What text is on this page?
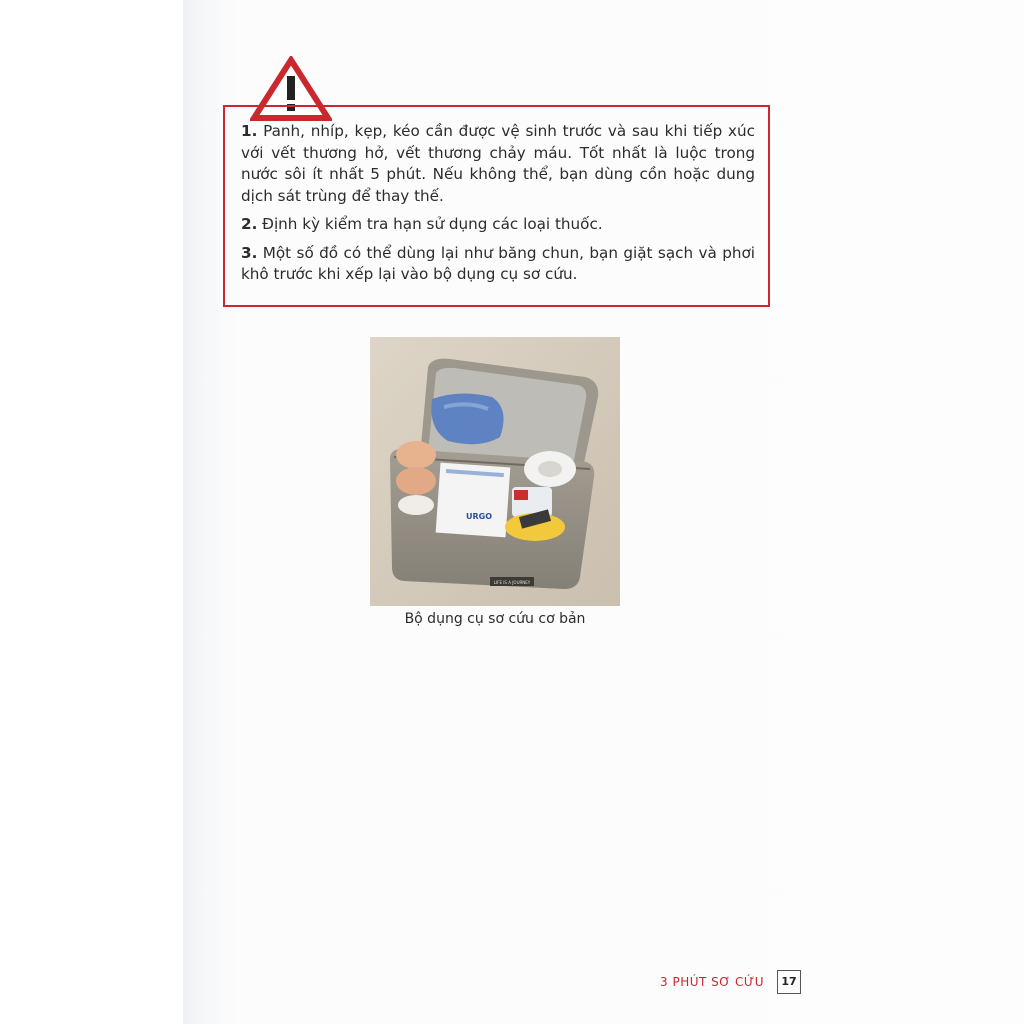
1. Panh, nhíp, kẹp, kéo cần được vệ sinh trước và sau khi tiếp xúc với vết thương hở, vết thương chảy máu. Tốt nhất là luộc trong nước sôi ít nhất 5 phút. Nếu không thể, bạn dùng cồn hoặc dung dịch sát trùng để thay thế.

2. Định kỳ kiểm tra hạn sử dụng các loại thuốc.

3. Một số đồ có thể dùng lại như băng chun, bạn giặt sạch và phơi khô trước khi xếp lại vào bộ dụng cụ sơ cứu.

URGO
LIFE IS A JOURNEY
Bộ dụng cụ sơ cứu cơ bản
3 PHÚT SƠ CỨU	17
